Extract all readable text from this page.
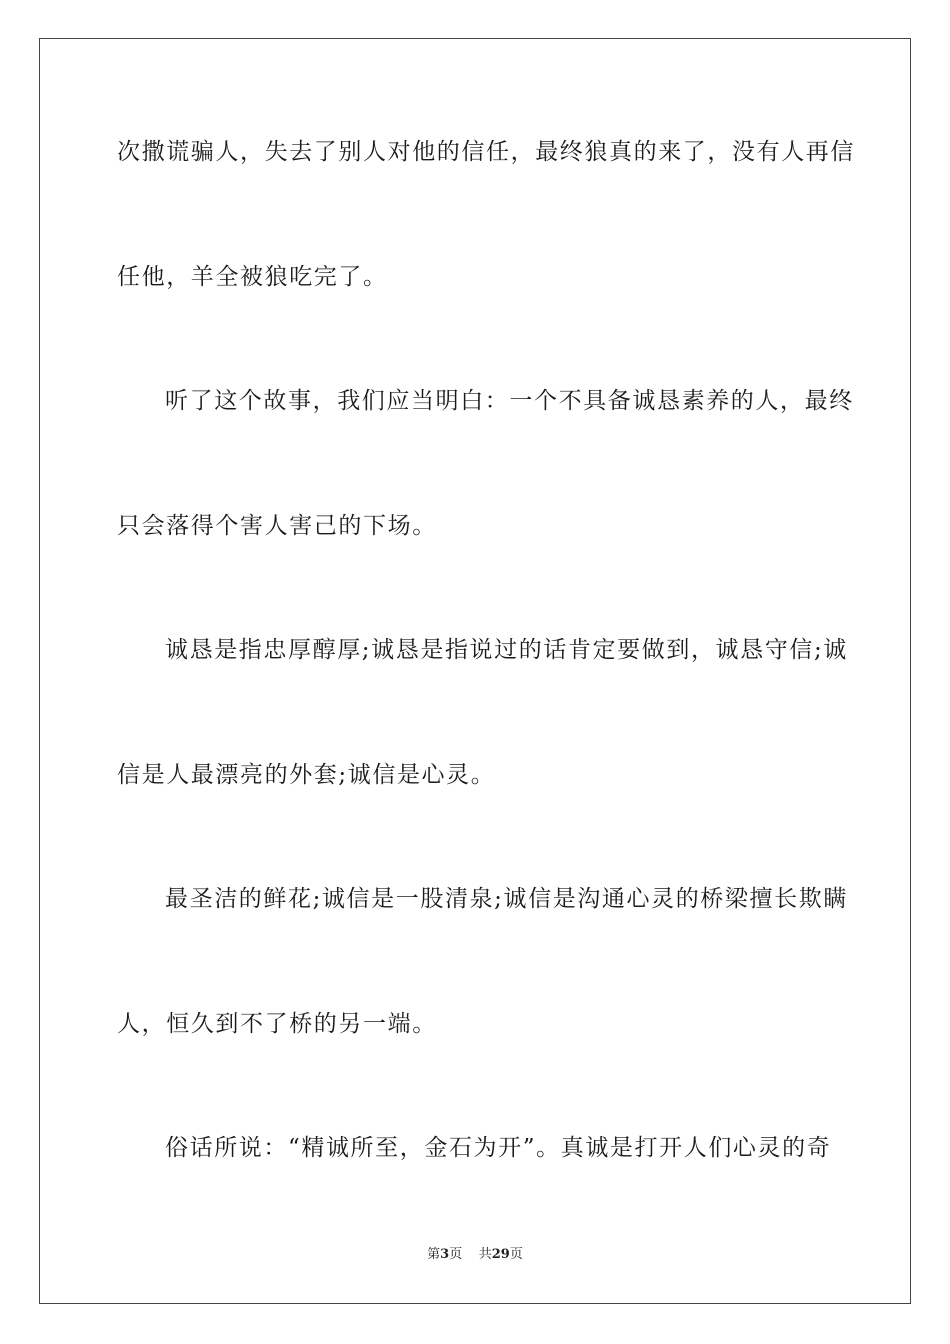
次撒谎骗人，失去了别人对他的信任，最终狼真的来了，没有人再信
任他，羊全被狼吃完了。
听了这个故事，我们应当明白：一个不具备诚恳素养的人，最终
只会落得个害人害己的下场。
诚恳是指忠厚醇厚;诚恳是指说过的话肯定要做到，诚恳守信;诚
信是人最漂亮的外套;诚信是心灵。
最圣洁的鲜花;诚信是一股清泉;诚信是沟通心灵的桥梁擅长欺瞒
人，恒久到不了桥的另一端。
俗话所说：“精诚所至，金石为开”。真诚是打开人们心灵的奇
第3页 共29页
